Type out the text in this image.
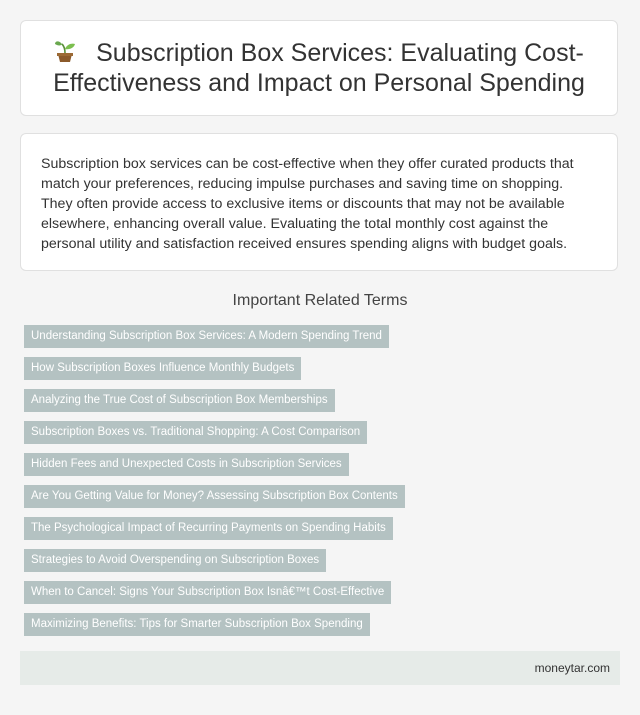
Subscription Box Services: Evaluating Cost-Effectiveness and Impact on Personal Spending

Subscription box services can be cost-effective when they offer curated products that match your preferences, reducing impulse purchases and saving time on shopping. They often provide access to exclusive items or discounts that may not be available elsewhere, enhancing overall value. Evaluating the total monthly cost against the personal utility and satisfaction received ensures spending aligns with budget goals.

Important Related Terms
Understanding Subscription Box Services: A Modern Spending Trend
How Subscription Boxes Influence Monthly Budgets
Analyzing the True Cost of Subscription Box Memberships
Subscription Boxes vs. Traditional Shopping: A Cost Comparison
Hidden Fees and Unexpected Costs in Subscription Services
Are You Getting Value for Money? Assessing Subscription Box Contents
The Psychological Impact of Recurring Payments on Spending Habits
Strategies to Avoid Overspending on Subscription Boxes
When to Cancel: Signs Your Subscription Box Isnâ€™t Cost-Effective
Maximizing Benefits: Tips for Smarter Subscription Box Spending
moneytar.com
